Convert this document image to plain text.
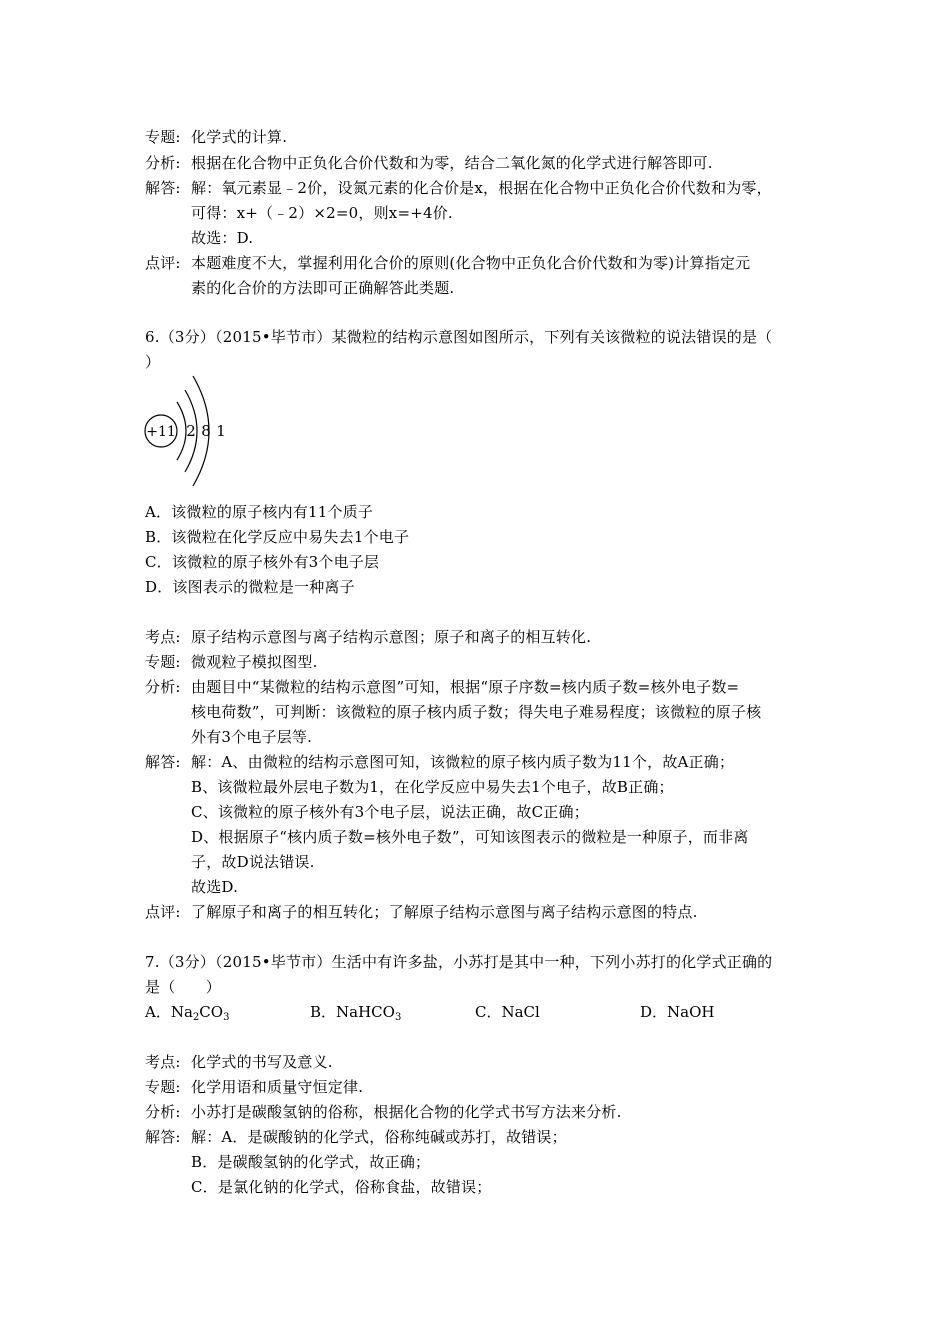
专题: 化学式的计算.
分析: 根据在化合物中正负化合价代数和为零，结合二氧化氮的化学式进行解答即可.
解答: 解：氧元素显﹣2价，设氮元素的化合价是x，根据在化合物中正负化合价代数和为零，
可得：x+（﹣2）×2=0，则x=+4价.
故选：D.
点评: 本题难度不大，掌握利用化合价的原则(化合物中正负化合价代数和为零)计算指定元
素的化合价的方法即可正确解答此类题.
6.（3分）（2015•毕节市）某微粒的结构示意图如图所示，下列有关该微粒的说法错误的是（
）
+11 2 8 1
A．该微粒的原子核内有11个质子
B．该微粒在化学反应中易失去1个电子
C．该微粒的原子核外有3个电子层
D．该图表示的微粒是一种离子
考点: 原子结构示意图与离子结构示意图；原子和离子的相互转化.
专题: 微观粒子模拟图型.
分析: 由题目中“某微粒的结构示意图”可知，根据“原子序数=核内质子数=核外电子数=
核电荷数”，可判断：该微粒的原子核内质子数；得失电子难易程度；该微粒的原子核
外有3个电子层等.
解答: 解：A、由微粒的结构示意图可知，该微粒的原子核内质子数为11个，故A正确；
B、该微粒最外层电子数为1，在化学反应中易失去1个电子，故B正确；
C、该微粒的原子核外有3个电子层，说法正确，故C正确；
D、根据原子“核内质子数=核外电子数”，可知该图表示的微粒是一种原子，而非离
子，故D说法错误.
故选D.
点评: 了解原子和离子的相互转化；了解原子结构示意图与离子结构示意图的特点.
7.（3分）（2015•毕节市）生活中有许多盐，小苏打是其中一种，下列小苏打的化学式正确的
是（　　）
A．$Na_2CO_3$	B．NaHCO$_3$	C．NaCl	D．NaOH
考点: 化学式的书写及意义.
专题: 化学用语和质量守恒定律.
分析: 小苏打是碳酸氢钠的俗称，根据化合物的化学式书写方法来分析.
解答: 解：A．是碳酸钠的化学式，俗称纯碱或苏打，故错误；
B．是碳酸氢钠的化学式，故正确；
C．是氯化钠的化学式，俗称食盐，故错误；
